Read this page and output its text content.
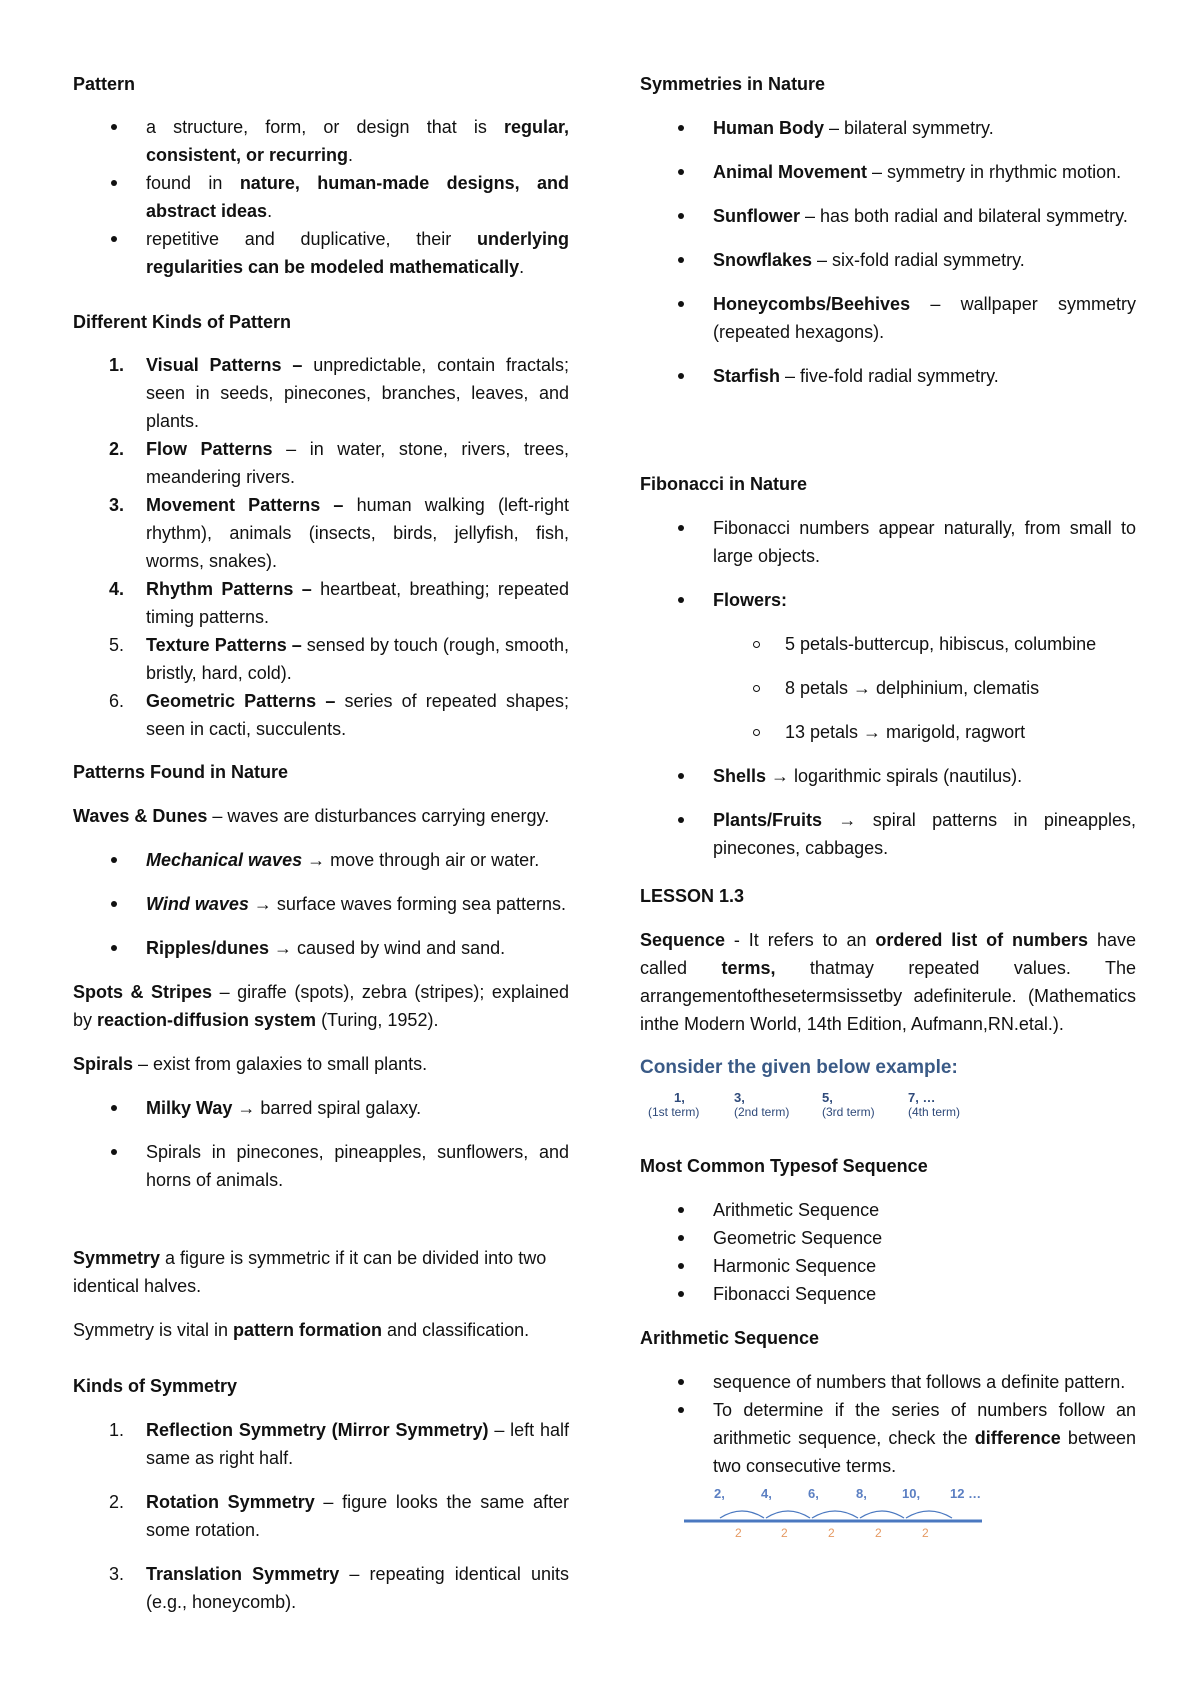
Pattern
a structure, form, or design that is regular, consistent, or recurring.
found in nature, human-made designs, and abstract ideas.
repetitive and duplicative, their underlying regularities can be modeled mathematically.
Different Kinds of Pattern
1. Visual Patterns – unpredictable, contain fractals; seen in seeds, pinecones, branches, leaves, and plants.
2. Flow Patterns – in water, stone, rivers, trees, meandering rivers.
3. Movement Patterns – human walking (left-right rhythm), animals (insects, birds, jellyfish, fish, worms, snakes).
4. Rhythm Patterns – heartbeat, breathing; repeated timing patterns.
5. Texture Patterns – sensed by touch (rough, smooth, bristly, hard, cold).
6. Geometric Patterns – series of repeated shapes; seen in cacti, succulents.
Patterns Found in Nature
Waves & Dunes – waves are disturbances carrying energy.
Mechanical waves → move through air or water.
Wind waves → surface waves forming sea patterns.
Ripples/dunes → caused by wind and sand.
Spots & Stripes – giraffe (spots), zebra (stripes); explained by reaction-diffusion system (Turing, 1952).
Spirals – exist from galaxies to small plants.
Milky Way → barred spiral galaxy.
Spirals in pinecones, pineapples, sunflowers, and horns of animals.
Symmetry a figure is symmetric if it can be divided into two identical halves.
Symmetry is vital in pattern formation and classification.
Kinds of Symmetry
1. Reflection Symmetry (Mirror Symmetry) – left half same as right half.
2. Rotation Symmetry – figure looks the same after some rotation.
3. Translation Symmetry – repeating identical units (e.g., honeycomb).
Symmetries in Nature
Human Body – bilateral symmetry.
Animal Movement – symmetry in rhythmic motion.
Sunflower – has both radial and bilateral symmetry.
Snowflakes – six-fold radial symmetry.
Honeycombs/Beehives – wallpaper symmetry (repeated hexagons).
Starfish – five-fold radial symmetry.
Fibonacci in Nature
Fibonacci numbers appear naturally, from small to large objects.
Flowers:
5 petals-buttercup, hibiscus, columbine
8 petals → delphinium, clematis
13 petals → marigold, ragwort
Shells → logarithmic spirals (nautilus).
Plants/Fruits → spiral patterns in pineapples, pinecones, cabbages.
LESSON 1.3
Sequence - It refers to an ordered list of numbers have called terms, thatmay repeated values. The arrangementofthesetermsissetby adefiniterule. (Mathematics inthe Modern World, 14th Edition, Aufmann,RN.etal.).
Consider the given below example:
1,
(1st term)
3,
(2nd term)
5,
(3rd term)
7, …
(4th term)
Most Common Typesof Sequence
Arithmetic Sequence
Geometric Sequence
Harmonic Sequence
Fibonacci Sequence
Arithmetic Sequence
sequence of numbers that follows a definite pattern.
To determine if the series of numbers follow an arithmetic sequence, check the difference between two consecutive terms.
2,	4,	6,	8,	10, 12 …
2	2	2	2	2
